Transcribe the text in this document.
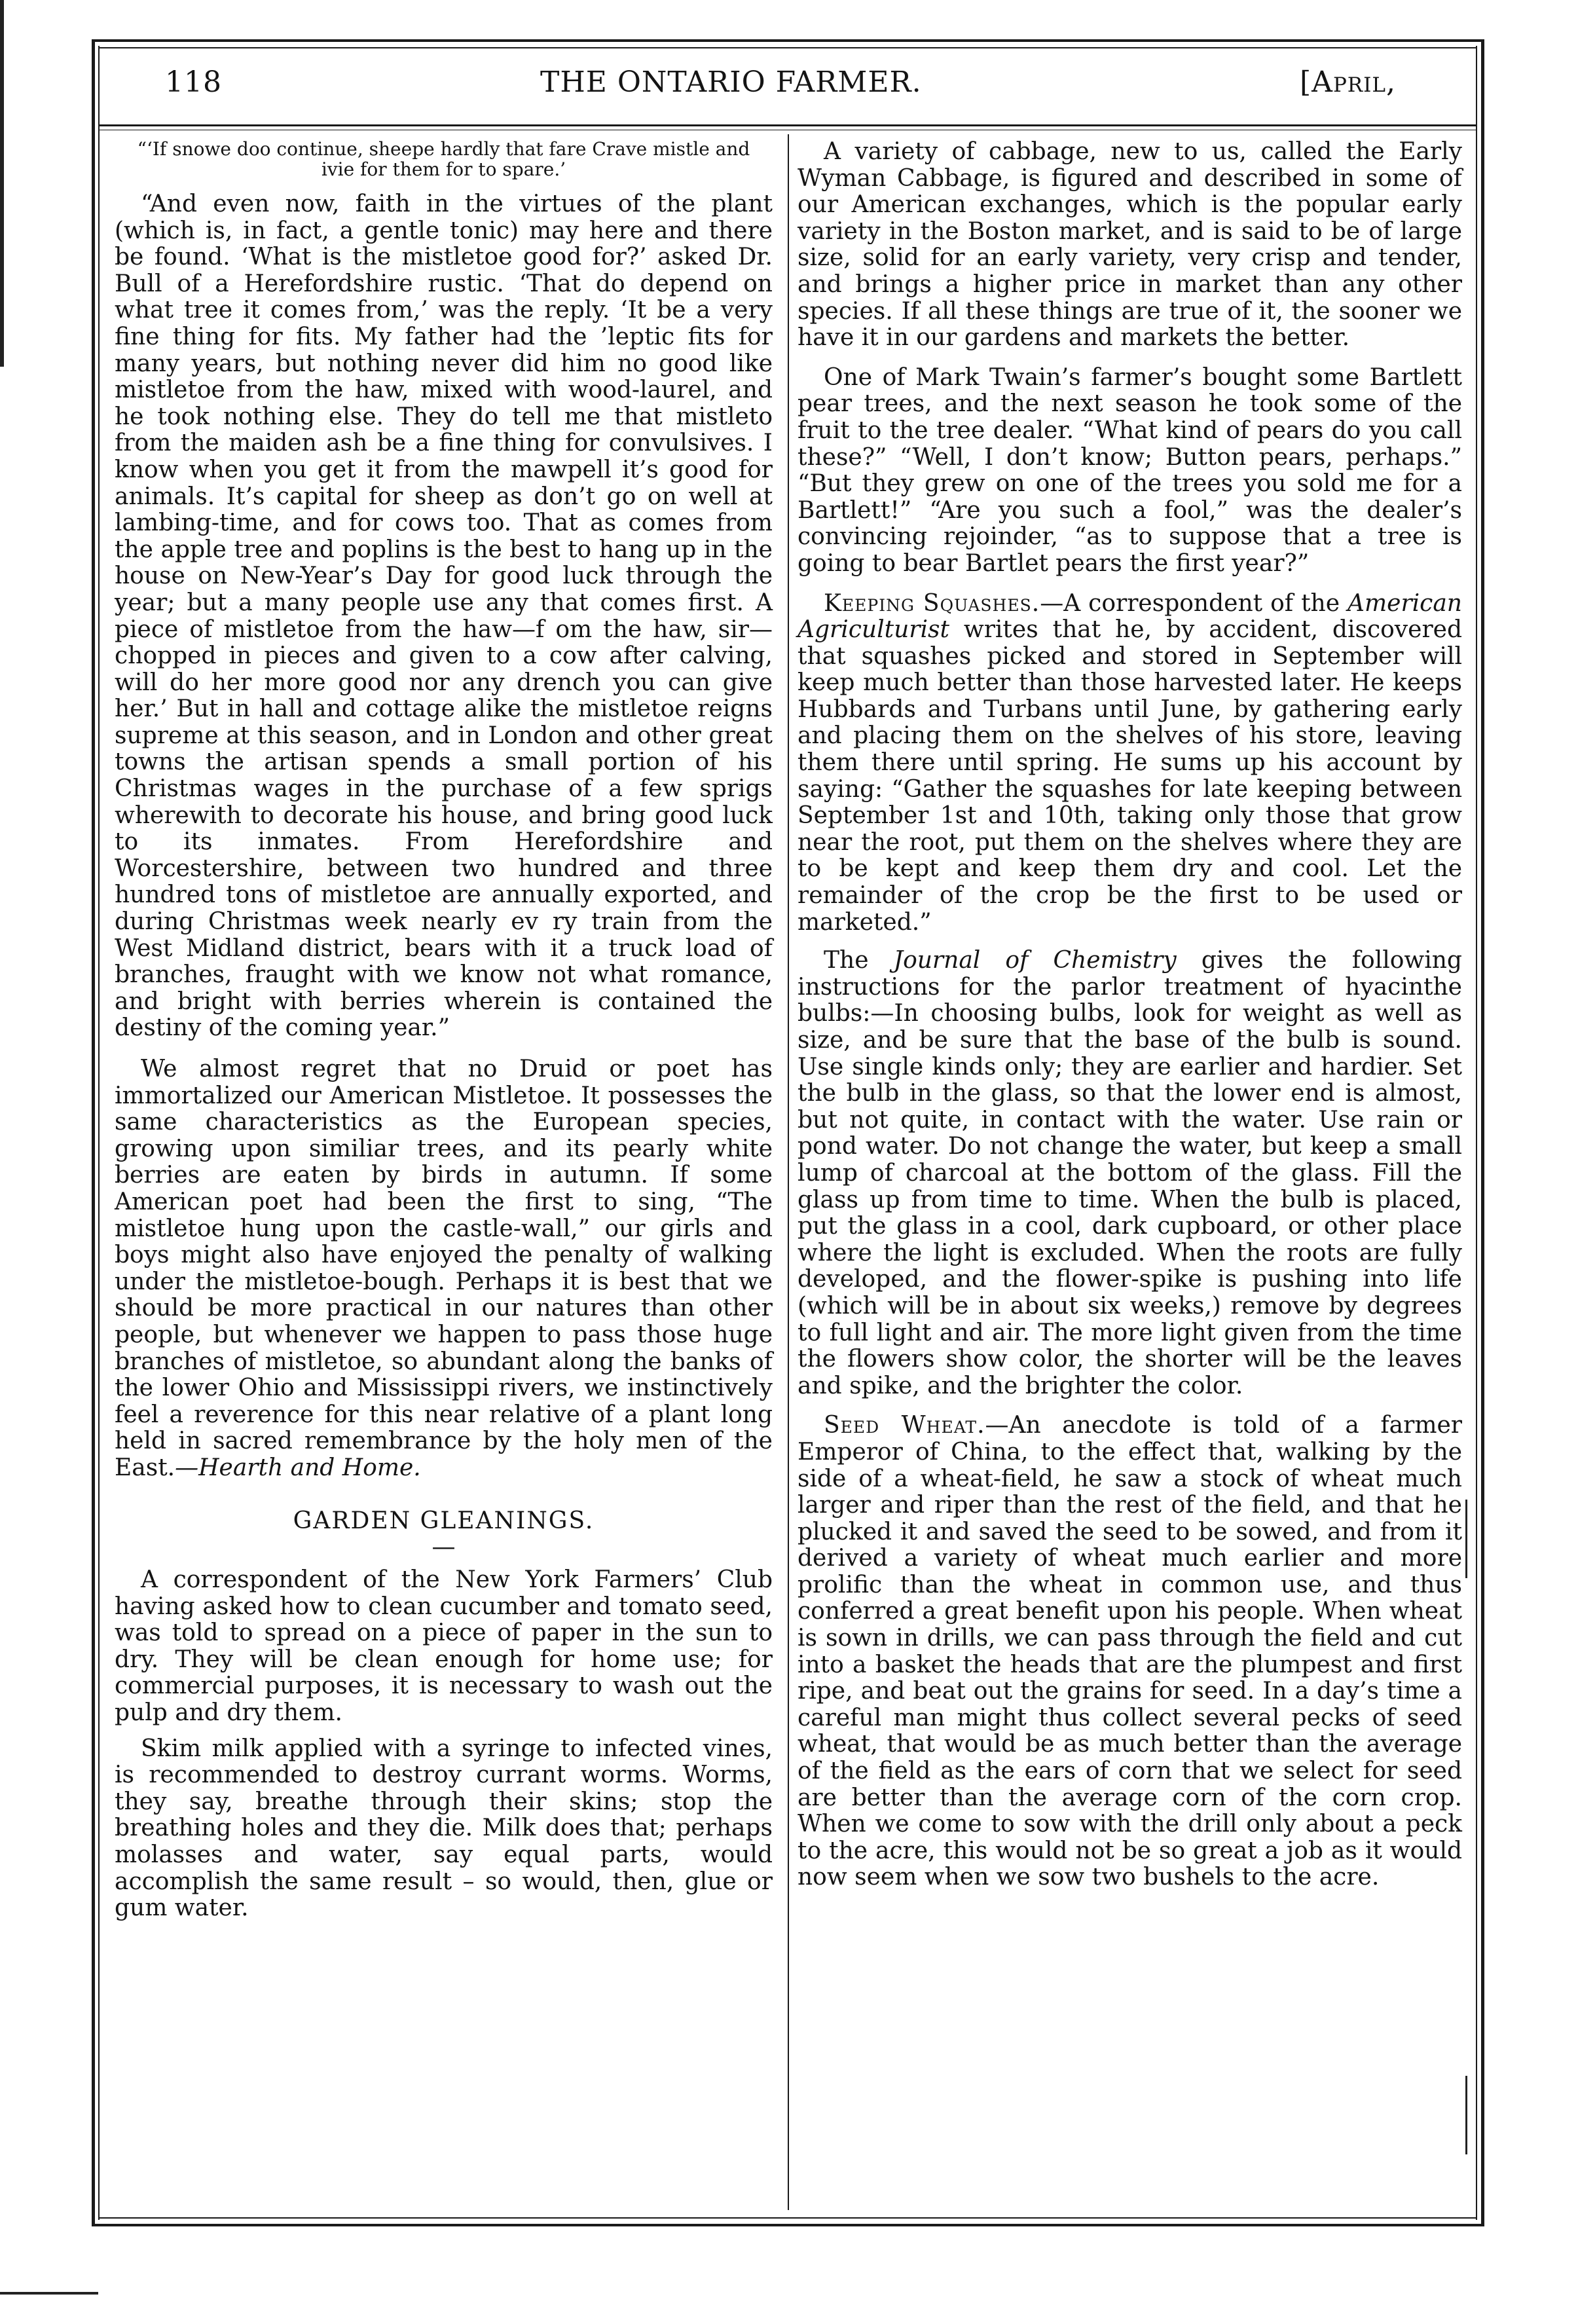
118	THE ONTARIO FARMER.	[April,

“‘If snowe doo continue, sheepe hardly that fare Crave mistle and ivie for them for to spare.’

“And even now, faith in the virtues of the plant (which is, in fact, a gentle tonic) may here and there be found. ‘What is the mistletoe good for?’ asked Dr. Bull of a Herefordshire rustic. ‘That do depend on what tree it comes from,’ was the reply. ‘It be a very fine thing for fits. My father had the ’leptic fits for many years, but nothing never did him no good like mistletoe from the haw, mixed with wood-laurel, and he took nothing else. They do tell me that mistleto from the maiden ash be a fine thing for convulsives. I know when you get it from the mawpell it’s good for animals. It’s capital for sheep as don’t go on well at lambing-time, and for cows too. That as comes from the apple tree and poplins is the best to hang up in the house on New-Year’s Day for good luck through the year; but a many people use any that comes first. A piece of mistletoe from the haw—f om the haw, sir—chopped in pieces and given to a cow after calving, will do her more good nor any drench you can give her.’ But in hall and cottage alike the mistletoe reigns supreme at this season, and in London and other great towns the artisan spends a small portion of his Christmas wages in the purchase of a few sprigs wherewith to decorate his house, and bring good luck to its inmates. From Herefordshire and Worcestershire, between two hundred and three hundred tons of mistletoe are annually exported, and during Christmas week nearly ev ry train from the West Midland district, bears with it a truck load of branches, fraught with we know not what romance, and bright with berries wherein is contained the destiny of the coming year.”

We almost regret that no Druid or poet has immortalized our American Mistletoe. It possesses the same characteristics as the European species, growing upon similiar trees, and its pearly white berries are eaten by birds in autumn. If some American poet had been the first to sing, “The mistletoe hung upon the castle-wall,” our girls and boys might also have enjoyed the penalty of walking under the mistletoe-bough. Perhaps it is best that we should be more practical in our natures than other people, but whenever we happen to pass those huge branches of mistletoe, so abundant along the banks of the lower Ohio and Mississippi rivers, we instinctively feel a reverence for this near relative of a plant long held in sacred remembrance by the holy men of the East.—Hearth and Home.

GARDEN GLEANINGS.

—

A correspondent of the New York Farmers’ Club having asked how to clean cucumber and tomato seed, was told to spread on a piece of paper in the sun to dry. They will be clean enough for home use; for commercial purposes, it is necessary to wash out the pulp and dry them.

Skim milk applied with a syringe to infected vines, is recommended to destroy currant worms. Worms, they say, breathe through their skins; stop the breathing holes and they die. Milk does that; perhaps molasses and water, say equal parts, would accomplish the same result – so would, then, glue or gum water.

A variety of cabbage, new to us, called the Early Wyman Cabbage, is figured and described in some of our American exchanges, which is the popular early variety in the Boston market, and is said to be of large size, solid for an early variety, very crisp and tender, and brings a higher price in market than any other species. If all these things are true of it, the sooner we have it in our gardens and markets the better.

One of Mark Twain’s farmer’s bought some Bartlett pear trees, and the next season he took some of the fruit to the tree dealer. “What kind of pears do you call these?” “Well, I don’t know; Button pears, perhaps.” “But they grew on one of the trees you sold me for a Bartlett!” “Are you such a fool,” was the dealer’s convincing rejoinder, “as to suppose that a tree is going to bear Bartlet pears the first year?”

Keeping Squashes.—A correspondent of the American Agriculturist writes that he, by accident, discovered that squashes picked and stored in September will keep much better than those harvested later. He keeps Hubbards and Turbans until June, by gathering early and placing them on the shelves of his store, leaving them there until spring. He sums up his account by saying: “Gather the squashes for late keeping between September 1st and 10th, taking only those that grow near the root, put them on the shelves where they are to be kept and keep them dry and cool. Let the remainder of the crop be the first to be used or marketed.”

The Journal of Chemistry gives the following instructions for the parlor treatment of hyacinthe bulbs:—In choosing bulbs, look for weight as well as size, and be sure that the base of the bulb is sound. Use single kinds only; they are earlier and hardier. Set the bulb in the glass, so that the lower end is almost, but not quite, in contact with the water. Use rain or pond water. Do not change the water, but keep a small lump of charcoal at the bottom of the glass. Fill the glass up from time to time. When the bulb is placed, put the glass in a cool, dark cupboard, or other place where the light is excluded. When the roots are fully developed, and the flower-spike is pushing into life (which will be in about six weeks,) remove by degrees to full light and air. The more light given from the time the flowers show color, the shorter will be the leaves and spike, and the brighter the color.

Seed Wheat.—An anecdote is told of a farmer Emperor of China, to the effect that, walking by the side of a wheat-field, he saw a stock of wheat much larger and riper than the rest of the field, and that he plucked it and saved the seed to be sowed, and from it derived a variety of wheat much earlier and more prolific than the wheat in common use, and thus conferred a great benefit upon his people. When wheat is sown in drills, we can pass through the field and cut into a basket the heads that are the plumpest and first ripe, and beat out the grains for seed. In a day’s time a careful man might thus collect several pecks of seed wheat, that would be as much better than the average of the field as the ears of corn that we select for seed are better than the average corn of the corn crop. When we come to sow with the drill only about a peck to the acre, this would not be so great a job as it would now seem when we sow two bushels to the acre.
